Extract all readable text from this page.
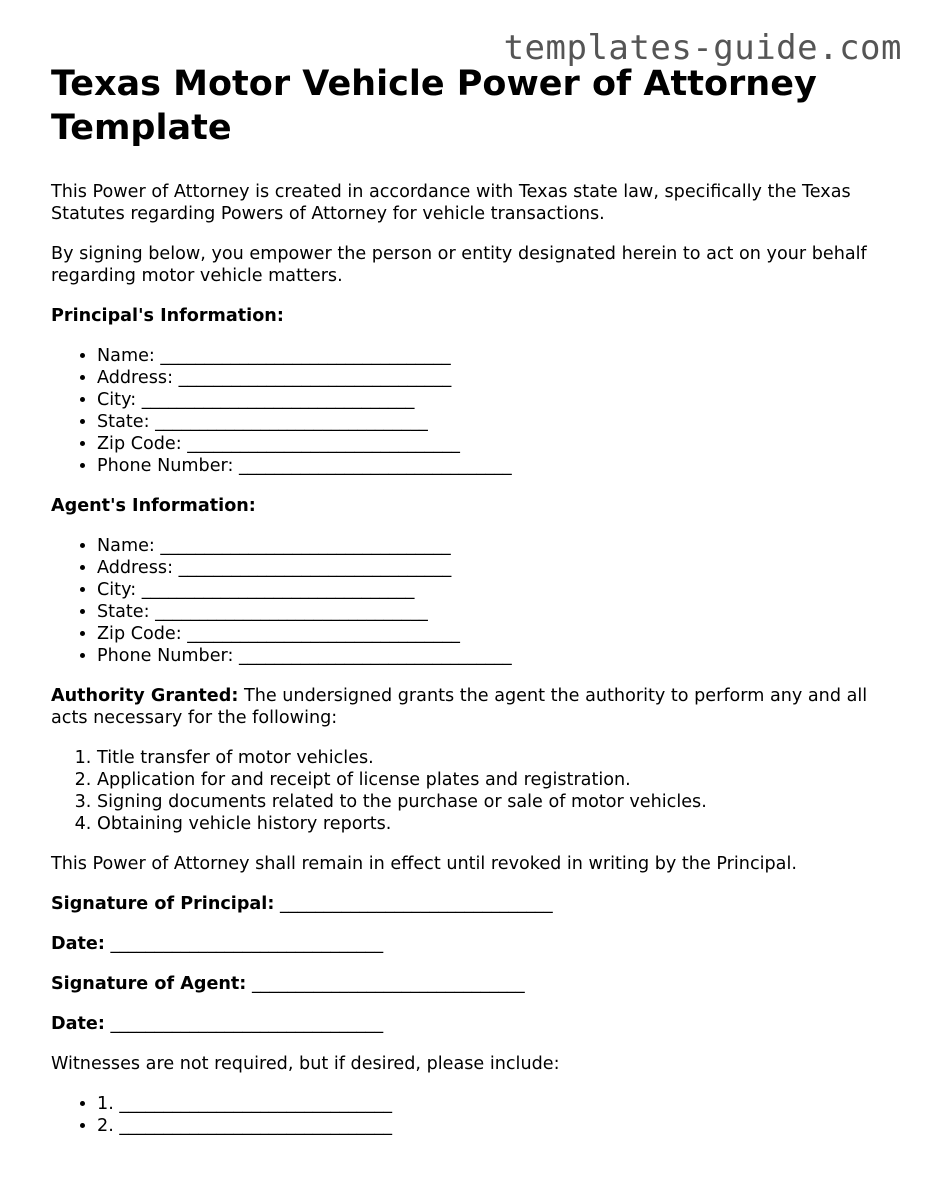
templates-guide.com
Texas Motor Vehicle Power of Attorney Template

This Power of Attorney is created in accordance with Texas state law, specifically the Texas Statutes regarding Powers of Attorney for vehicle transactions.

By signing below, you empower the person or entity designated herein to act on your behalf regarding motor vehicle matters.

Principal's Information:

• Name: _________________________________
• Address: _______________________________
• City: _______________________________
• State: _______________________________
• Zip Code: _______________________________
• Phone Number: _______________________________

Agent's Information:

• Name: _________________________________
• Address: _______________________________
• City: _______________________________
• State: _______________________________
• Zip Code: _______________________________
• Phone Number: _______________________________

Authority Granted: The undersigned grants the agent the authority to perform any and all acts necessary for the following:

1. Title transfer of motor vehicles.
2. Application for and receipt of license plates and registration.
3. Signing documents related to the purchase or sale of motor vehicles.
4. Obtaining vehicle history reports.

This Power of Attorney shall remain in effect until revoked in writing by the Principal.

Signature of Principal: _______________________________

Date: _______________________________

Signature of Agent: _______________________________

Date: _______________________________

Witnesses are not required, but if desired, please include:

• 1. _______________________________
• 2. _______________________________
